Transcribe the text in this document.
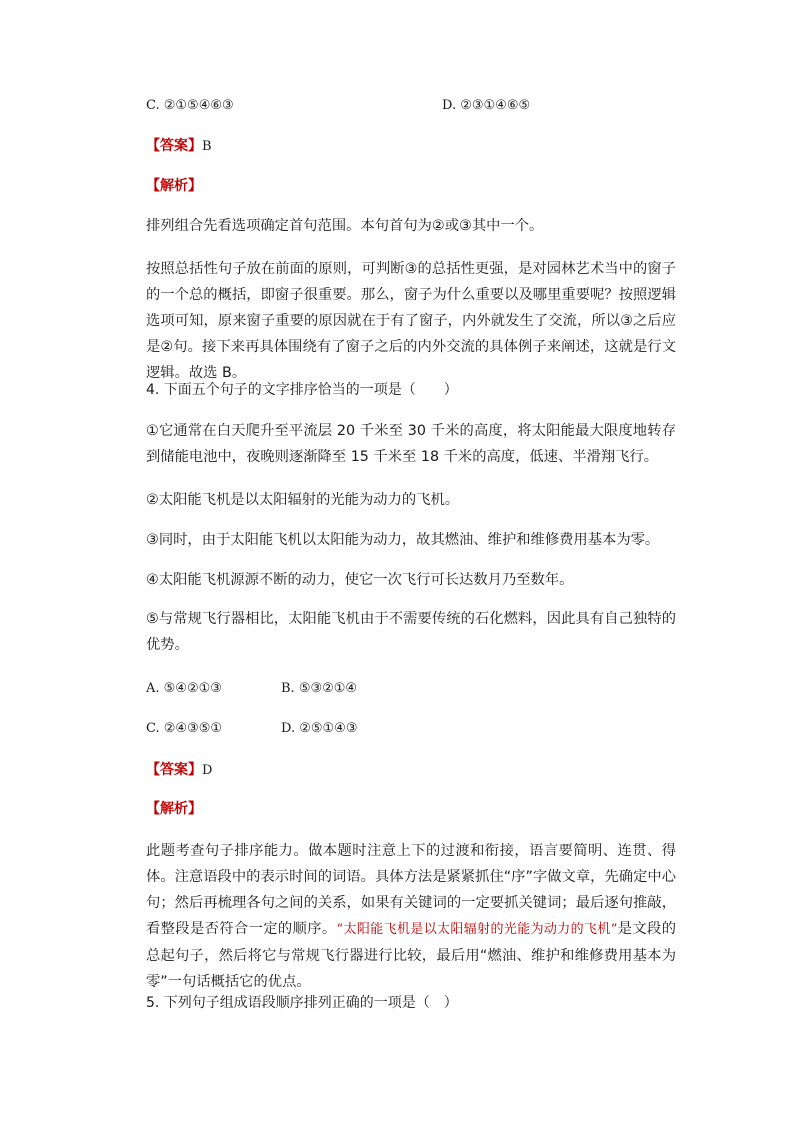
C. ②①⑤④⑥③	D. ②③①④⑥⑤
【答案】B
【解析】
排列组合先看选项确定首句范围。本句首句为②或③其中一个。
按照总括性句子放在前面的原则，可判断③的总括性更强，是对园林艺术当中的窗子的一个总的概括，即窗子很重要。那么，窗子为什么重要以及哪里重要呢？按照逻辑选项可知，原来窗子重要的原因就在于有了窗子，内外就发生了交流，所以③之后应是②句。接下来再具体围绕有了窗子之后的内外交流的具体例子来阐述，这就是行文逻辑。故选 B。
4. 下面五个句子的文字排序恰当的一项是（　　）
①它通常在白天爬升至平流层 20 千米至 30 千米的高度，将太阳能最大限度地转存到储能电池中，夜晚则逐渐降至 15 千米至 18 千米的高度，低速、半滑翔飞行。
②太阳能飞机是以太阳辐射的光能为动力的飞机。
③同时，由于太阳能飞机以太阳能为动力，故其燃油、维护和维修费用基本为零。
④太阳能飞机源源不断的动力，使它一次飞行可长达数月乃至数年。
⑤与常规飞行器相比，太阳能飞机由于不需要传统的石化燃料，因此具有自己独特的优势。
A. ⑤④②①③	B. ⑤③②①④
C. ②④③⑤①	D. ②⑤①④③
【答案】D
【解析】
此题考查句子排序能力。做本题时注意上下的过渡和衔接，语言要简明、连贯、得体。注意语段中的表示时间的词语。具体方法是紧紧抓住“序”字做文章，先确定中心句；然后再梳理各句之间的关系，如果有关键词的一定要抓关键词；最后逐句推敲，看整段是否符合一定的顺序。“太阳能飞机是以太阳辐射的光能为动力的飞机”是文段的总起句子，然后将它与常规飞行器进行比较，最后用“燃油、维护和维修费用基本为零”一句话概括它的优点。
5. 下列句子组成语段顺序排列正确的一项是（　）
